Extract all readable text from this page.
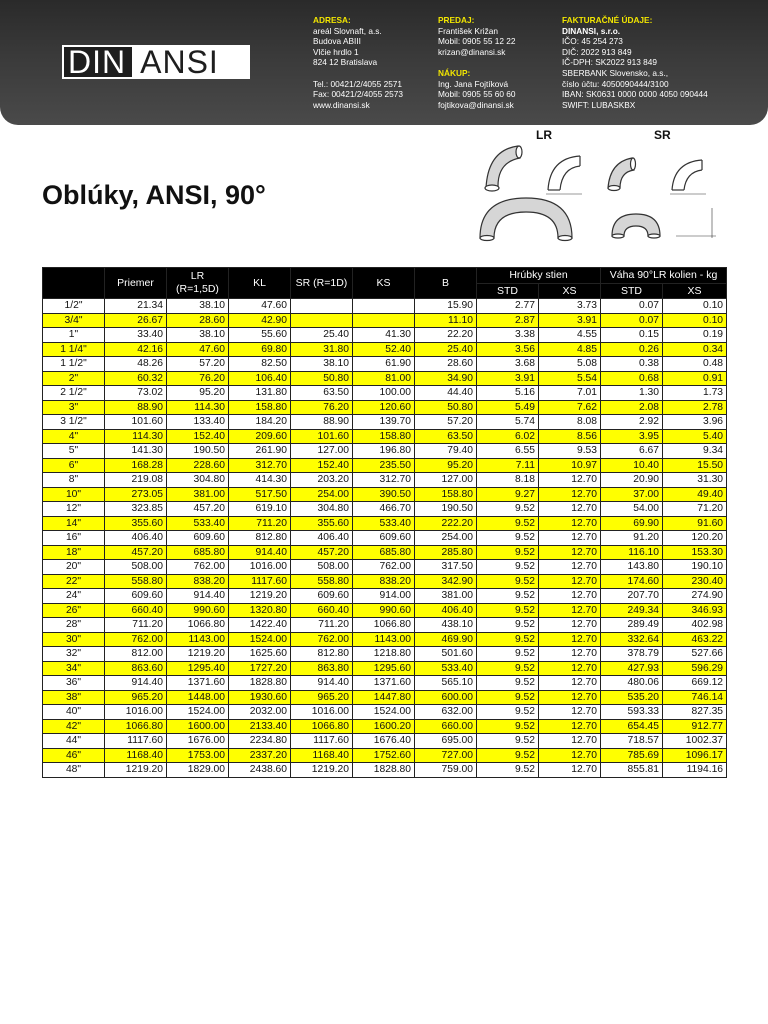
DIN ANSI
ADRESA:
areál Slovnaft, a.s.
Budova ABIII
Vlčie hrdlo 1
824 12 Bratislava
Tel.: 00421/2/4055 2571
Fax: 00421/2/4055 2573
www.dinansi.sk
PREDAJ:
František Križan
Mobil: 0905 55 12 22
krizan@dinansi.sk
NÁKUP:
Ing. Jana Fojtíková
Mobil: 0905 55 60 60
fojtikova@dinansi.sk
FAKTURAČNÉ ÚDAJE:
DINANSI, s.r.o.
IČO: 45 254 273
DIČ: 2022 913 849
IČ-DPH: SK2022 913 849
SBERBANK Slovensko, a.s.,
číslo účtu: 4050090444/3100
IBAN: SK0631 0000 0000 4050 090444
SWIFT: LUBASKBX
Oblúky, ANSI, 90°
LR	SR
	Priemer	LR (R=1,5D)	KL	SR (R=1D)	KS	B	Hrúbky stien		Váha 90°LR kolien - kg	
							STD	XS	STD	XS
1/2"	21.34	38.10	47.60			15.90	2.77	3.73	0.07	0.10
3/4"	26.67	28.60	42.90			11.10	2.87	3.91	0.07	0.10
1"	33.40	38.10	55.60	25.40	41.30	22.20	3.38	4.55	0.15	0.19
1 1/4"	42.16	47.60	69.80	31.80	52.40	25.40	3.56	4.85	0.26	0.34
1 1/2"	48.26	57.20	82.50	38.10	61.90	28.60	3.68	5.08	0.38	0.48
2"	60.32	76.20	106.40	50.80	81.00	34.90	3.91	5.54	0.68	0.91
2 1/2"	73.02	95.20	131.80	63.50	100.00	44.40	5.16	7.01	1.30	1.73
3"	88.90	114.30	158.80	76.20	120.60	50.80	5.49	7.62	2.08	2.78
3 1/2"	101.60	133.40	184.20	88.90	139.70	57.20	5.74	8.08	2.92	3.96
4"	114.30	152.40	209.60	101.60	158.80	63.50	6.02	8.56	3.95	5.40
5"	141.30	190.50	261.90	127.00	196.80	79.40	6.55	9.53	6.67	9.34
6"	168.28	228.60	312.70	152.40	235.50	95.20	7.11	10.97	10.40	15.50
8"	219.08	304.80	414.30	203.20	312.70	127.00	8.18	12.70	20.90	31.30
10"	273.05	381.00	517.50	254.00	390.50	158.80	9.27	12.70	37.00	49.40
12"	323.85	457.20	619.10	304.80	466.70	190.50	9.52	12.70	54.00	71.20
14"	355.60	533.40	711.20	355.60	533.40	222.20	9.52	12.70	69.90	91.60
16"	406.40	609.60	812.80	406.40	609.60	254.00	9.52	12.70	91.20	120.20
18"	457.20	685.80	914.40	457.20	685.80	285.80	9.52	12.70	116.10	153.30
20"	508.00	762.00	1016.00	508.00	762.00	317.50	9.52	12.70	143.80	190.10
22"	558.80	838.20	1117.60	558.80	838.20	342.90	9.52	12.70	174.60	230.40
24"	609.60	914.40	1219.20	609.60	914.00	381.00	9.52	12.70	207.70	274.90
26"	660.40	990.60	1320.80	660.40	990.60	406.40	9.52	12.70	249.34	346.93
28"	711.20	1066.80	1422.40	711.20	1066.80	438.10	9.52	12.70	289.49	402.98
30"	762.00	1143.00	1524.00	762.00	1143.00	469.90	9.52	12.70	332.64	463.22
32"	812.00	1219.20	1625.60	812.80	1218.80	501.60	9.52	12.70	378.79	527.66
34"	863.60	1295.40	1727.20	863.80	1295.60	533.40	9.52	12.70	427.93	596.29
36"	914.40	1371.60	1828.80	914.40	1371.60	565.10	9.52	12.70	480.06	669.12
38"	965.20	1448.00	1930.60	965.20	1447.80	600.00	9.52	12.70	535.20	746.14
40"	1016.00	1524.00	2032.00	1016.00	1524.00	632.00	9.52	12.70	593.33	827.35
42"	1066.80	1600.00	2133.40	1066.80	1600.20	660.00	9.52	12.70	654.45	912.77
44"	1117.60	1676.00	2234.80	1117.60	1676.40	695.00	9.52	12.70	718.57	1002.37
46"	1168.40	1753.00	2337.20	1168.40	1752.60	727.00	9.52	12.70	785.69	1096.17
48"	1219.20	1829.00	2438.60	1219.20	1828.80	759.00	9.52	12.70	855.81	1194.16
